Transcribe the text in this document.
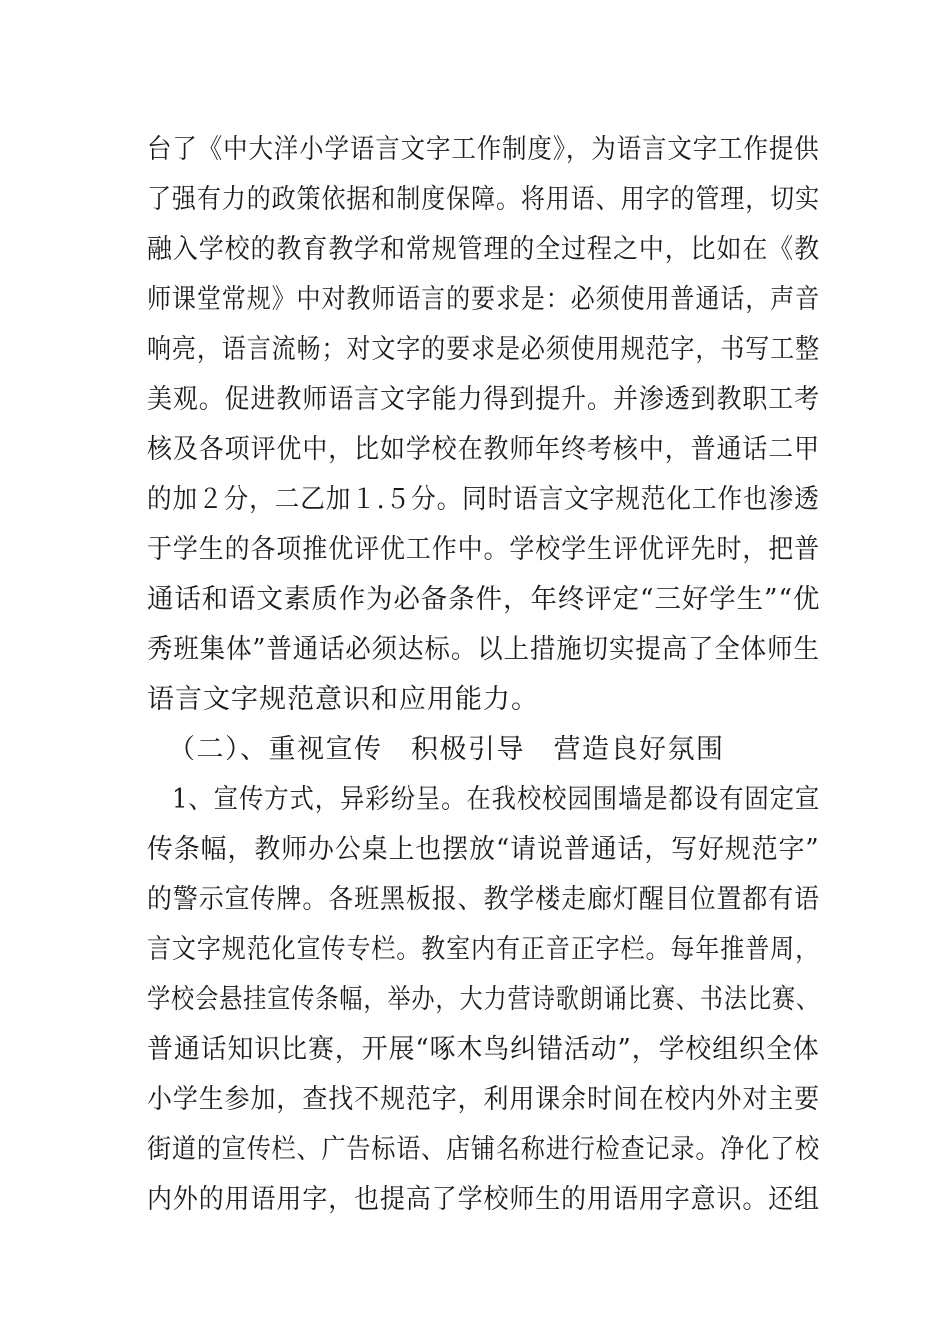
台了《中大洋小学语言文字工作制度》，为语言文字工作提供
了强有力的政策依据和制度保障。将用语、用字的管理，切实
融入学校的教育教学和常规管理的全过程之中，比如在《教
师课堂常规》中对教师语言的要求是：必须使用普通话，声音
响亮，语言流畅；对文字的要求是必须使用规范字，书写工整
美观。促进教师语言文字能力得到提升。并渗透到教职工考
核及各项评优中，比如学校在教师年终考核中，普通话二甲
的加２分，二乙加１.５分。同时语言文字规范化工作也渗透
于学生的各项推优评优工作中。学校学生评优评先时，把普
通话和语文素质作为必备条件，年终评定“三好学生”“优
秀班集体”普通话必须达标。以上措施切实提高了全体师生
语言文字规范意识和应用能力。
（二）、重视宣传　积极引导　营造良好氛围
1、宣传方式，异彩纷呈。在我校校园围墙是都设有固定宣
传条幅，教师办公桌上也摆放“请说普通话，写好规范字”
的警示宣传牌。各班黑板报、教学楼走廊灯醒目位置都有语
言文字规范化宣传专栏。教室内有正音正字栏。每年推普周，
学校会悬挂宣传条幅，举办，大力营诗歌朗诵比赛、书法比赛、
普通话知识比赛，开展“啄木鸟纠错活动”，学校组织全体
小学生参加，查找不规范字，利用课余时间在校内外对主要
街道的宣传栏、广告标语、店铺名称进行检查记录。净化了校
内外的用语用字，也提高了学校师生的用语用字意识。还组
